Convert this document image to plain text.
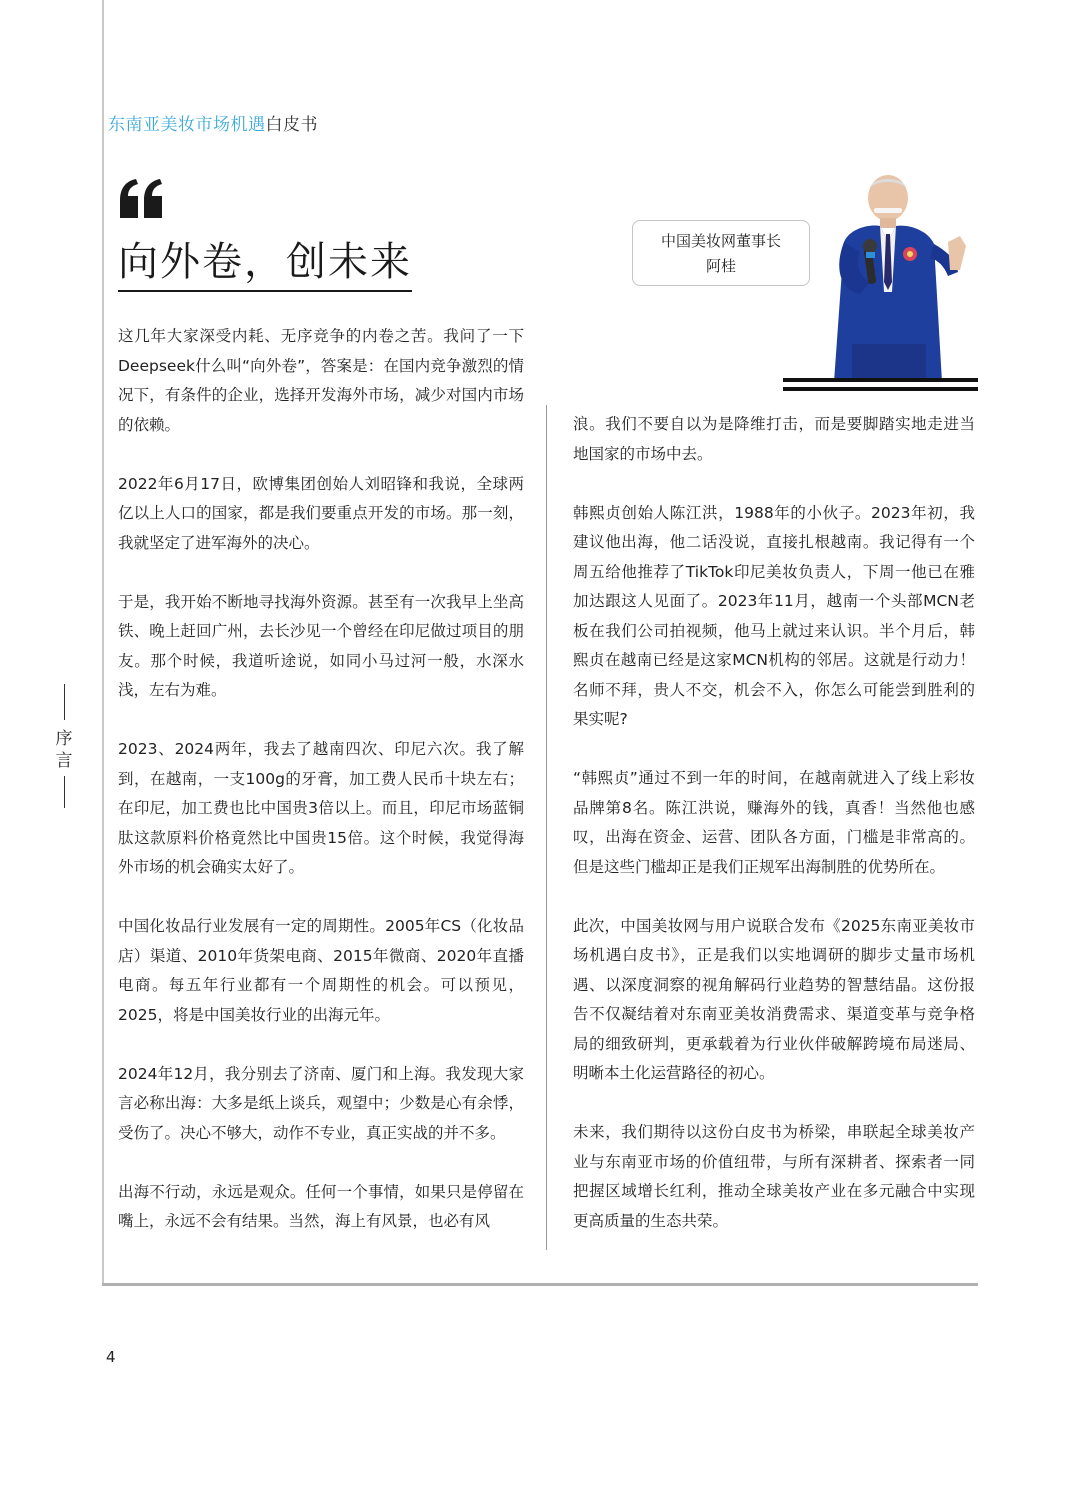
东南亚美妆市场机遇白皮书
向外卷，创未来	中国美妆网董事长
阿桂

这几年大家深受内耗、无序竞争的内卷之苦。我问了一下Deepseek什么叫“向外卷”，答案是：在国内竞争激烈的情况下，有条件的企业，选择开发海外市场，减少对国内市场的依赖。

2022年6月17日，欧博集团创始人刘昭锋和我说，全球两亿以上人口的国家，都是我们要重点开发的市场。那一刻，我就坚定了进军海外的决心。

于是，我开始不断地寻找海外资源。甚至有一次我早上坐高铁、晚上赶回广州，去长沙见一个曾经在印尼做过项目的朋友。那个时候，我道听途说，如同小马过河一般，水深水浅，左右为难。

2023、2024两年，我去了越南四次、印尼六次。我了解到，在越南，一支100g的牙膏，加工费人民币十块左右；在印尼，加工费也比中国贵3倍以上。而且，印尼市场蓝铜肽这款原料价格竟然比中国贵15倍。这个时候，我觉得海外市场的机会确实太好了。

中国化妆品行业发展有一定的周期性。2005年CS（化妆品店）渠道、2010年货架电商、2015年微商、2020年直播电商。每五年行业都有一个周期性的机会。可以预见，2025，将是中国美妆行业的出海元年。

2024年12月，我分别去了济南、厦门和上海。我发现大家言必称出海：大多是纸上谈兵，观望中；少数是心有余悸，受伤了。决心不够大，动作不专业，真正实战的并不多。

出海不行动，永远是观众。任何一个事情，如果只是停留在嘴上，永远不会有结果。当然，海上有风景，也必有风

浪。我们不要自以为是降维打击，而是要脚踏实地走进当地国家的市场中去。

韩熙贞创始人陈江洪，1988年的小伙子。2023年初，我建议他出海，他二话没说，直接扎根越南。我记得有一个周五给他推荐了TikTok印尼美妆负责人，下周一他已在雅加达跟这人见面了。2023年11月，越南一个头部MCN老板在我们公司拍视频，他马上就过来认识。半个月后，韩熙贞在越南已经是这家MCN机构的邻居。这就是行动力！名师不拜，贵人不交，机会不入，你怎么可能尝到胜利的果实呢?

“韩熙贞”通过不到一年的时间，在越南就进入了线上彩妆品牌第8名。陈江洪说，赚海外的钱，真香！当然他也感叹，出海在资金、运营、团队各方面，门槛是非常高的。但是这些门槛却正是我们正规军出海制胜的优势所在。

此次，中国美妆网与用户说联合发布《2025东南亚美妆市场机遇白皮书》，正是我们以实地调研的脚步丈量市场机遇、以深度洞察的视角解码行业趋势的智慧结晶。这份报告不仅凝结着对东南亚美妆消费需求、渠道变革与竞争格局的细致研判，更承载着为行业伙伴破解跨境布局迷局、明晰本土化运营路径的初心。

未来，我们期待以这份白皮书为桥梁，串联起全球美妆产业与东南亚市场的价值纽带，与所有深耕者、探索者一同把握区域增长红利，推动全球美妆产业在多元融合中实现更高质量的生态共荣。

序
言
4
